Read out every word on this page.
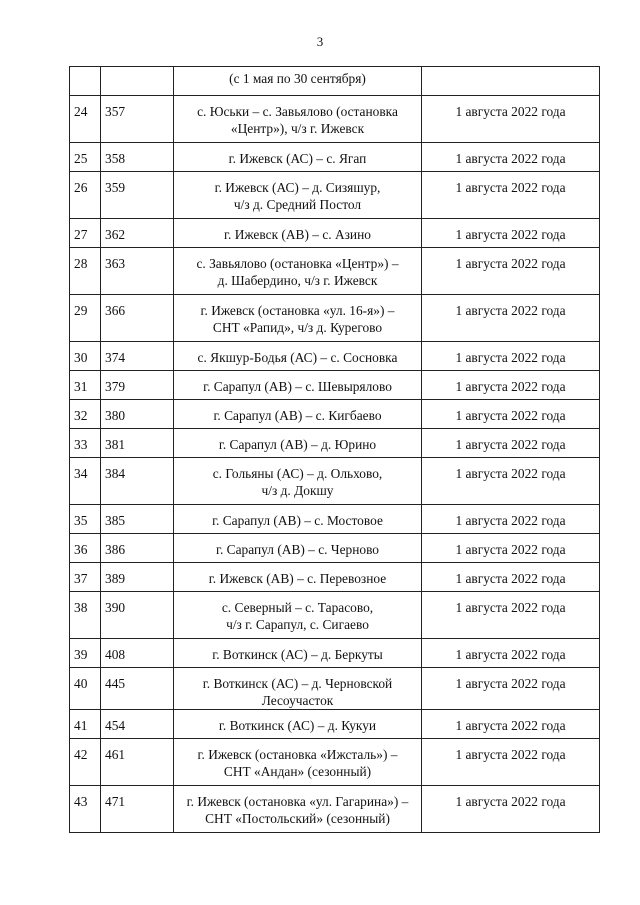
3
		(с 1 мая по 30 сентября)	
24	357	с. Юськи – с. Завьялово (остановка
«Центр»), ч/з г. Ижевск	1 августа 2022 года
25	358	г. Ижевск (АС) – с. Ягап	1 августа 2022 года
26	359	г. Ижевск (АС) – д. Сизяшур,
ч/з д. Средний Постол	1 августа 2022 года
27	362	г. Ижевск (АВ) – с. Азино	1 августа 2022 года
28	363	с. Завьялово (остановка «Центр») –
д. Шабердино, ч/з г. Ижевск	1 августа 2022 года
29	366	г. Ижевск (остановка «ул. 16-я») –
СНТ «Рапид», ч/з д. Курегово	1 августа 2022 года
30	374	с. Якшур-Бодья (АС) – с. Сосновка	1 августа 2022 года
31	379	г. Сарапул (АВ) – с. Шевырялово	1 августа 2022 года
32	380	г. Сарапул (АВ) – с. Кигбаево	1 августа 2022 года
33	381	г. Сарапул (АВ) – д. Юрино	1 августа 2022 года
34	384	с. Гольяны (АС) – д. Ольхово,
ч/з д. Докшу	1 августа 2022 года
35	385	г. Сарапул (АВ) – с. Мостовое	1 августа 2022 года
36	386	г. Сарапул (АВ) – с. Черново	1 августа 2022 года
37	389	г. Ижевск (АВ) – с. Перевозное	1 августа 2022 года
38	390	с. Северный – с. Тарасово,
ч/з г. Сарапул, с. Сигаево	1 августа 2022 года
39	408	г. Воткинск (АС) – д. Беркуты	1 августа 2022 года
40	445	г. Воткинск (АС) – д. Черновской
Лесоучасток	1 августа 2022 года
41	454	г. Воткинск (АС) – д. Кукуи	1 августа 2022 года
42	461	г. Ижевск (остановка «Ижсталь») –
СНТ «Андан» (сезонный)	1 августа 2022 года
43	471	г. Ижевск (остановка «ул. Гагарина») –
СНТ «Постольский» (сезонный)	1 августа 2022 года
